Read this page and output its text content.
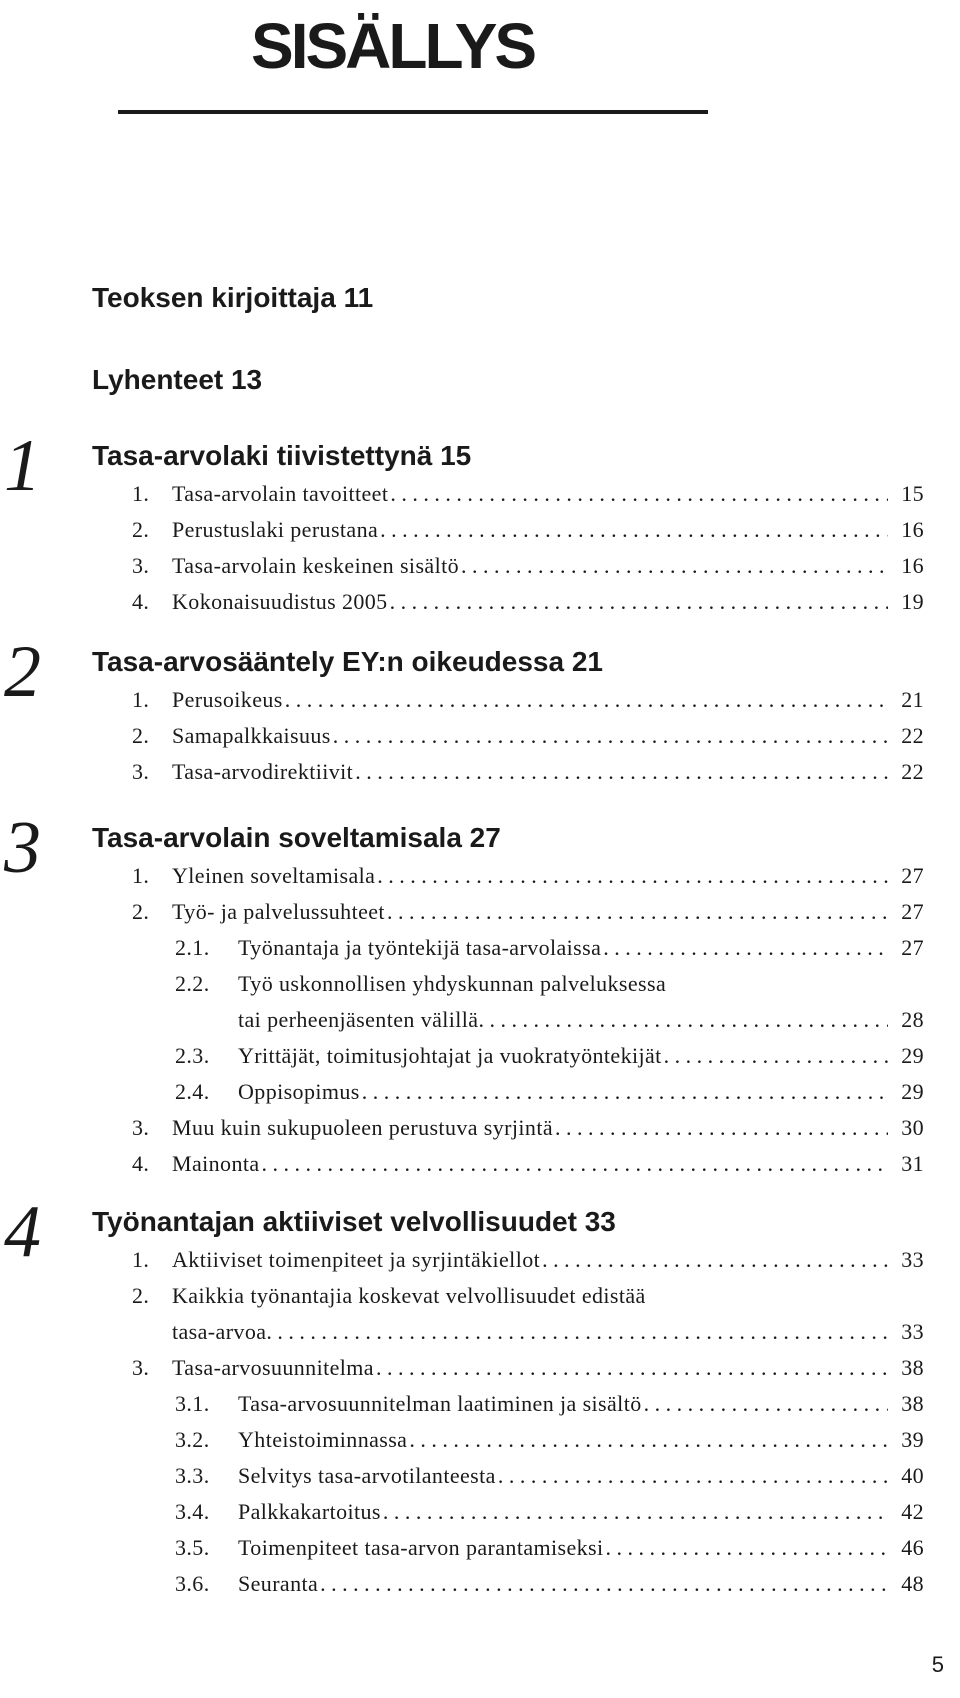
SISÄLLYS
Teoksen kirjoittaja 11
Lyhenteet 13
1 Tasa-arvolaki tiivistettynä 15
1. Tasa-arvolain tavoitteet . . .	15
2. Perustuslaki perustana . . .	16
3. Tasa-arvolain keskeinen sisältö . . .	16
4. Kokonaisuudistus 2005 . . .	19
2 Tasa-arvosääntely EY:n oikeudessa 21
1. Perusoikeus . . .	21
2. Samapalkkaisuus . . .	22
3. Tasa-arvodirektiivit . . .	22
3 Tasa-arvolain soveltamisala 27
1. Yleinen soveltamisala . . .	27
2. Työ- ja palvelussuhteet . . .	27
2.1. Työnantaja ja työntekijä tasa-arvolaissa . . .	27
2.2. Työ uskonnollisen yhdyskunnan palveluksessa
tai perheenjäsenten välillä . . .	28
2.3. Yrittäjät, toimitusjohtajat ja vuokratyöntekijät . . .	29
2.4. Oppisopimus . . .	29
3. Muu kuin sukupuoleen perustuva syrjintä . . .	30
4. Mainonta . . .	31
4 Työnantajan aktiiviset velvollisuudet 33
1. Aktiiviset toimenpiteet ja syrjintäkiellot . . .	33
2. Kaikkia työnantajia koskevat velvollisuudet edistää
tasa-arvoa . . .	33
3. Tasa-arvosuunnitelma . . .	38
3.1. Tasa-arvosuunnitelman laatiminen ja sisältö . . .	38
3.2. Yhteistoiminnassa . . .	39
3.3. Selvitys tasa-arvotilanteesta . . .	40
3.4. Palkkakartoitus . . .	42
3.5. Toimenpiteet tasa-arvon parantamiseksi . . .	46
3.6. Seuranta . . .	48
5
